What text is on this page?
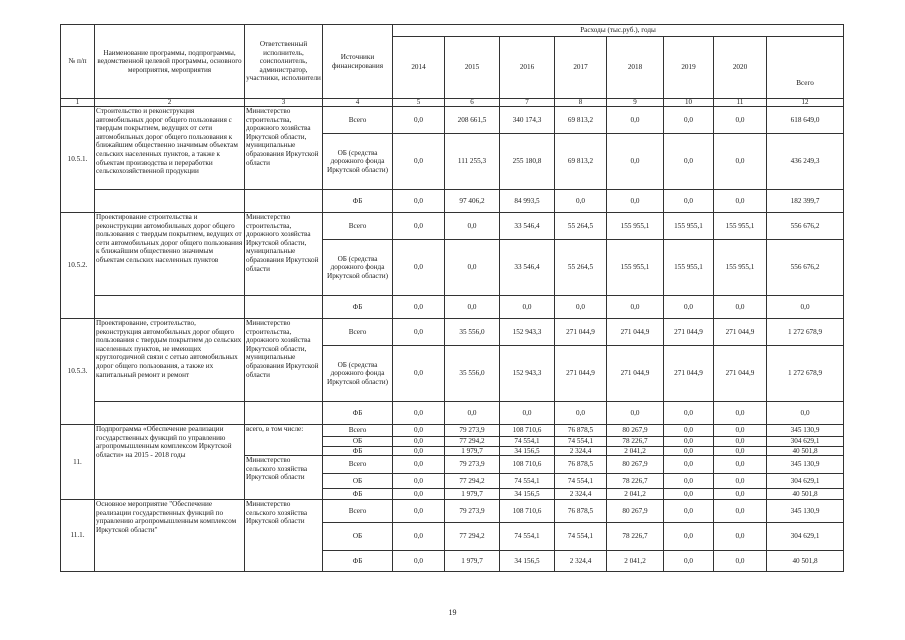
№ п/п	Наименование программы, подпрограммы, ведомственной целевой программы, основного мероприятия, мероприятия	Ответственный исполнитель, соисполнитель, администратор, участники, исполнители	Источники финансирования	Расходы (тыс.руб.), годы							
				2014	2015	2016	2017	2018	2019	2020	Всего
1	2	3	4	5	6	7	8	9	10	11	12
10.5.1.	Строительство и реконструкция автомобильных дорог общего пользования с твердым покрытием, ведущих от сети автомобильных дорог общего пользования к ближайшим общественно значимым объектам сельских населенных пунктов, а также к объектам производства и переработки сельскохозяйственной продукции	Министерство строительства, дорожного хозяйства Иркутской области, муниципальные образования Иркутской области	Всего	0,0	208 661,5	340 174,3	69 813,2	0,0	0,0	0,0	618 649,0
			ОБ (средства дорожного фонда Иркутской области)	0,0	111 255,3	255 180,8	69 813,2	0,0	0,0	0,0	436 249,3
			ФБ	0,0	97 406,2	84 993,5	0,0	0,0	0,0	0,0	182 399,7
10.5.2.	Проектирование строительства и реконструкции автомобильных дорог общего пользования с твердым покрытием, ведущих от сети автомобильных дорог общего пользования к ближайшим общественно значимым объектам сельских населенных пунктов	Министерство строительства, дорожного хозяйства Иркутской области, муниципальные образования Иркутской области	Всего	0,0	0,0	33 546,4	55 264,5	155 955,1	155 955,1	155 955,1	556 676,2
			ОБ (средства дорожного фонда Иркутской области)	0,0	0,0	33 546,4	55 264,5	155 955,1	155 955,1	155 955,1	556 676,2
			ФБ	0,0	0,0	0,0	0,0	0,0	0,0	0,0	0,0
10.5.3.	Проектирование, строительство, реконструкция автомобильных дорог общего пользования с твердым покрытием до сельских населенных пунктов, не имеющих круглогодичной связи с сетью автомобильных дорог общего пользования, а также их капитальный ремонт и ремонт	Министерство строительства, дорожного хозяйства Иркутской области, муниципальные образования Иркутской области	Всего	0,0	35 556,0	152 943,3	271 044,9	271 044,9	271 044,9	271 044,9	1 272 678,9
			ОБ (средства дорожного фонда Иркутской области)	0,0	35 556,0	152 943,3	271 044,9	271 044,9	271 044,9	271 044,9	1 272 678,9
			ФБ	0,0	0,0	0,0	0,0	0,0	0,0	0,0	0,0
11.	Подпрограмма «Обеспечение реализации государственных функций по управлению агропромышленным комплексом Иркутской области» на 2015 - 2018 годы	всего, в том числе:	Всего	0,0	79 273,9	108 710,6	76 878,5	80 267,9	0,0	0,0	345 130,9
			ОБ	0,0	77 294,2	74 554,1	74 554,1	78 226,7	0,0	0,0	304 629,1
			ФБ	0,0	1 979,7	34 156,5	2 324,4	2 041,2	0,0	0,0	40 501,8
		Министерство сельского хозяйства Иркутской области	Всего	0,0	79 273,9	108 710,6	76 878,5	80 267,9	0,0	0,0	345 130,9
			ОБ	0,0	77 294,2	74 554,1	74 554,1	78 226,7	0,0	0,0	304 629,1
			ФБ	0,0	1 979,7	34 156,5	2 324,4	2 041,2	0,0	0,0	40 501,8
11.1.	Основное мероприятие "Обеспечение реализации государственных функций по управлению агропромышленным комплексом Иркутской области"	Министерство сельского хозяйства Иркутской области	Всего	0,0	79 273,9	108 710,6	76 878,5	80 267,9	0,0	0,0	345 130,9
			ОБ	0,0	77 294,2	74 554,1	74 554,1	78 226,7	0,0	0,0	304 629,1
			ФБ	0,0	1 979,7	34 156,5	2 324,4	2 041,2	0,0	0,0	40 501,8
19
